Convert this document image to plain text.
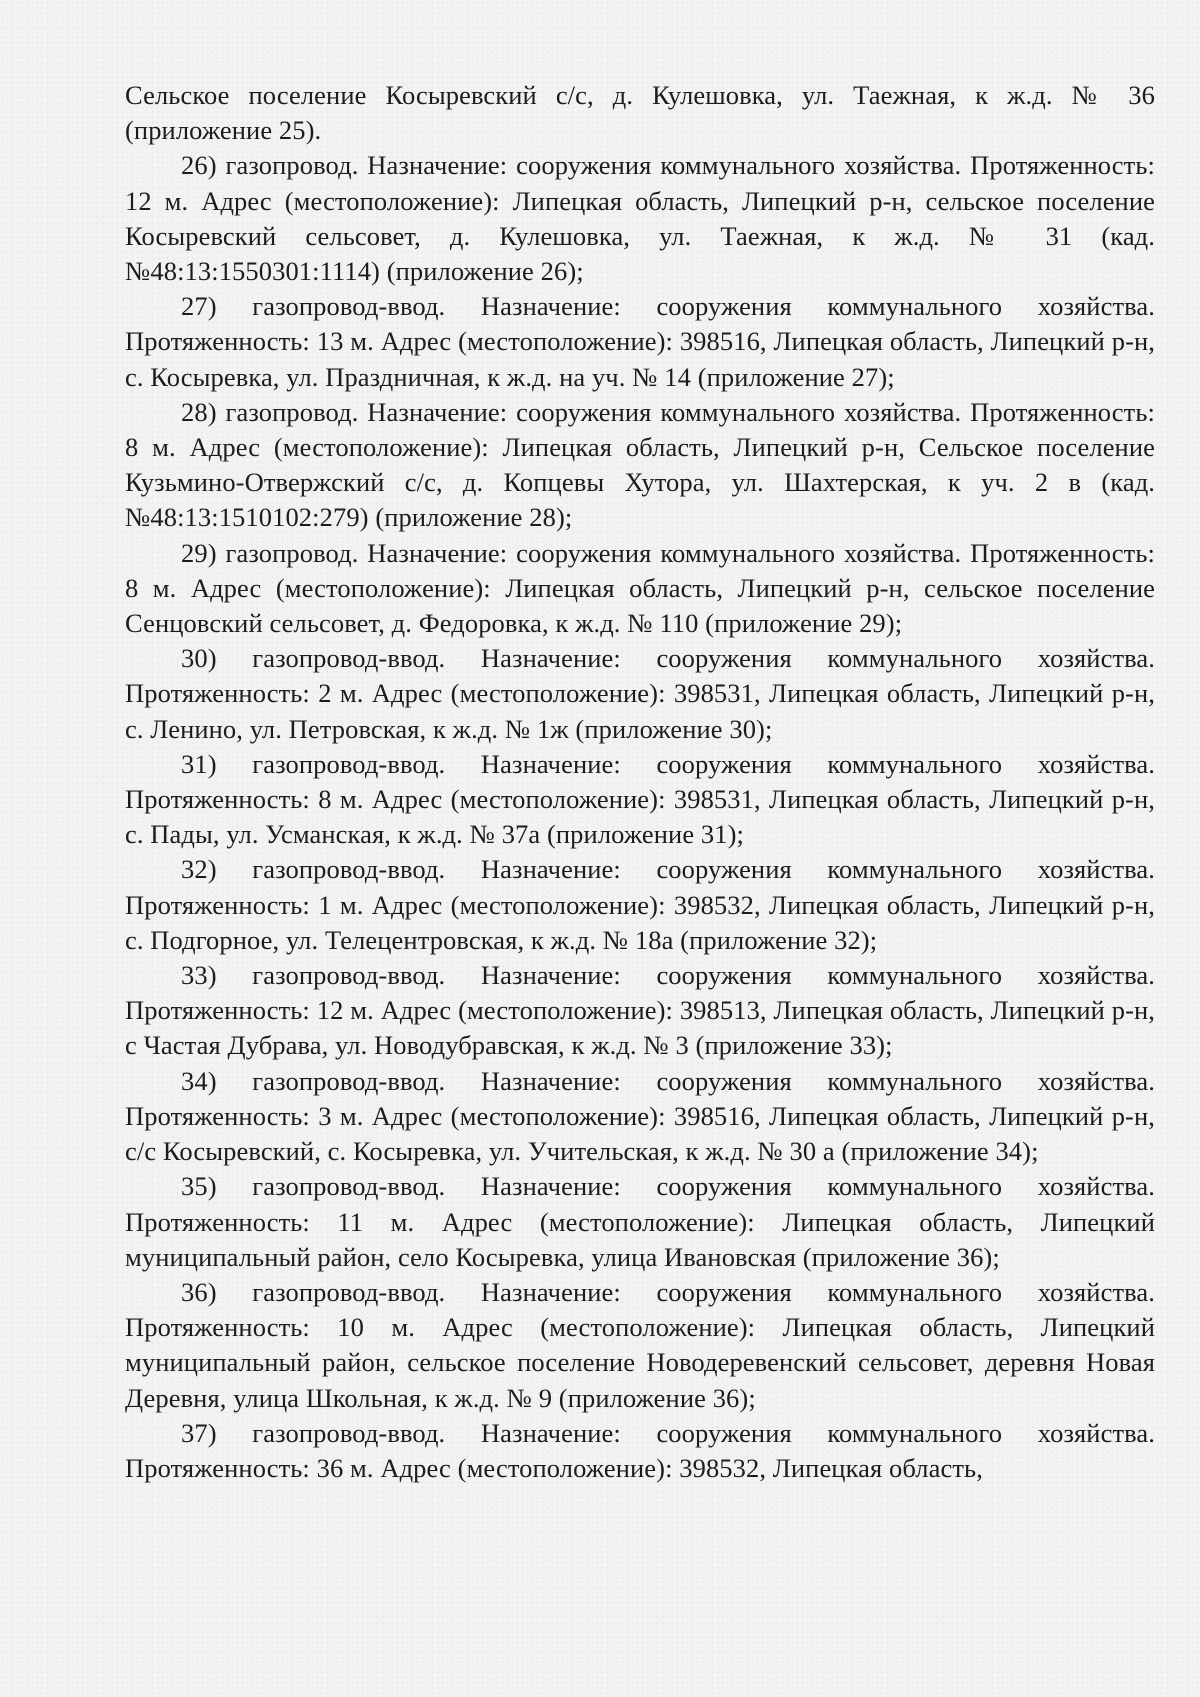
Сельское поселение Косыревский с/с, д. Кулешовка, ул. Таежная, к ж.д. № 36 (приложение 25).

26) газопровод. Назначение: сооружения коммунального хозяйства. Протяженность: 12 м. Адрес (местоположение): Липецкая область, Липецкий р-н, сельское поселение Косыревский сельсовет, д. Кулешовка, ул. Таежная, к ж.д. № 31 (кад. №48:13:1550301:1114) (приложение 26);

27) газопровод-ввод. Назначение: сооружения коммунального хозяйства. Протяженность: 13 м. Адрес (местоположение): 398516, Липецкая область, Липецкий р-н, с. Косыревка, ул. Праздничная, к ж.д. на уч. № 14 (приложение 27);

28) газопровод. Назначение: сооружения коммунального хозяйства. Протяженность: 8 м. Адрес (местоположение): Липецкая область, Липецкий р-н, Сельское поселение Кузьмино-Отвержский с/с, д. Копцевы Хутора, ул. Шахтерская, к уч. 2 в (кад. №48:13:1510102:279) (приложение 28);

29) газопровод. Назначение: сооружения коммунального хозяйства. Протяженность: 8 м. Адрес (местоположение): Липецкая область, Липецкий р-н, сельское поселение Сенцовский сельсовет, д. Федоровка, к ж.д. № 110 (приложение 29);

30) газопровод-ввод. Назначение: сооружения коммунального хозяйства. Протяженность: 2 м. Адрес (местоположение): 398531, Липецкая область, Липецкий р-н, с. Ленино, ул. Петровская, к ж.д. № 1ж (приложение 30);

31) газопровод-ввод. Назначение: сооружения коммунального хозяйства. Протяженность: 8 м. Адрес (местоположение): 398531, Липецкая область, Липецкий р-н, с. Пады, ул. Усманская, к ж.д. № 37а (приложение 31);

32) газопровод-ввод. Назначение: сооружения коммунального хозяйства. Протяженность: 1 м. Адрес (местоположение): 398532, Липецкая область, Липецкий р-н, с. Подгорное, ул. Телецентровская, к ж.д. № 18а (приложение 32);

33) газопровод-ввод. Назначение: сооружения коммунального хозяйства. Протяженность: 12 м. Адрес (местоположение): 398513, Липецкая область, Липецкий р-н, с Частая Дубрава, ул. Новодубравская, к ж.д. № 3 (приложение 33);

34) газопровод-ввод. Назначение: сооружения коммунального хозяйства. Протяженность: 3 м. Адрес (местоположение): 398516, Липецкая область, Липецкий р-н, с/с Косыревский, с. Косыревка, ул. Учительская, к ж.д. № 30 а (приложение 34);

35) газопровод-ввод. Назначение: сооружения коммунального хозяйства. Протяженность: 11 м. Адрес (местоположение): Липецкая область, Липецкий муниципальный район, село Косыревка, улица Ивановская (приложение 36);

36) газопровод-ввод. Назначение: сооружения коммунального хозяйства. Протяженность: 10 м. Адрес (местоположение): Липецкая область, Липецкий муниципальный район, сельское поселение Новодеревенский сельсовет, деревня Новая Деревня, улица Школьная, к ж.д. № 9 (приложение 36);

37) газопровод-ввод. Назначение: сооружения коммунального хозяйства. Протяженность: 36 м. Адрес (местоположение): 398532, Липецкая область,
